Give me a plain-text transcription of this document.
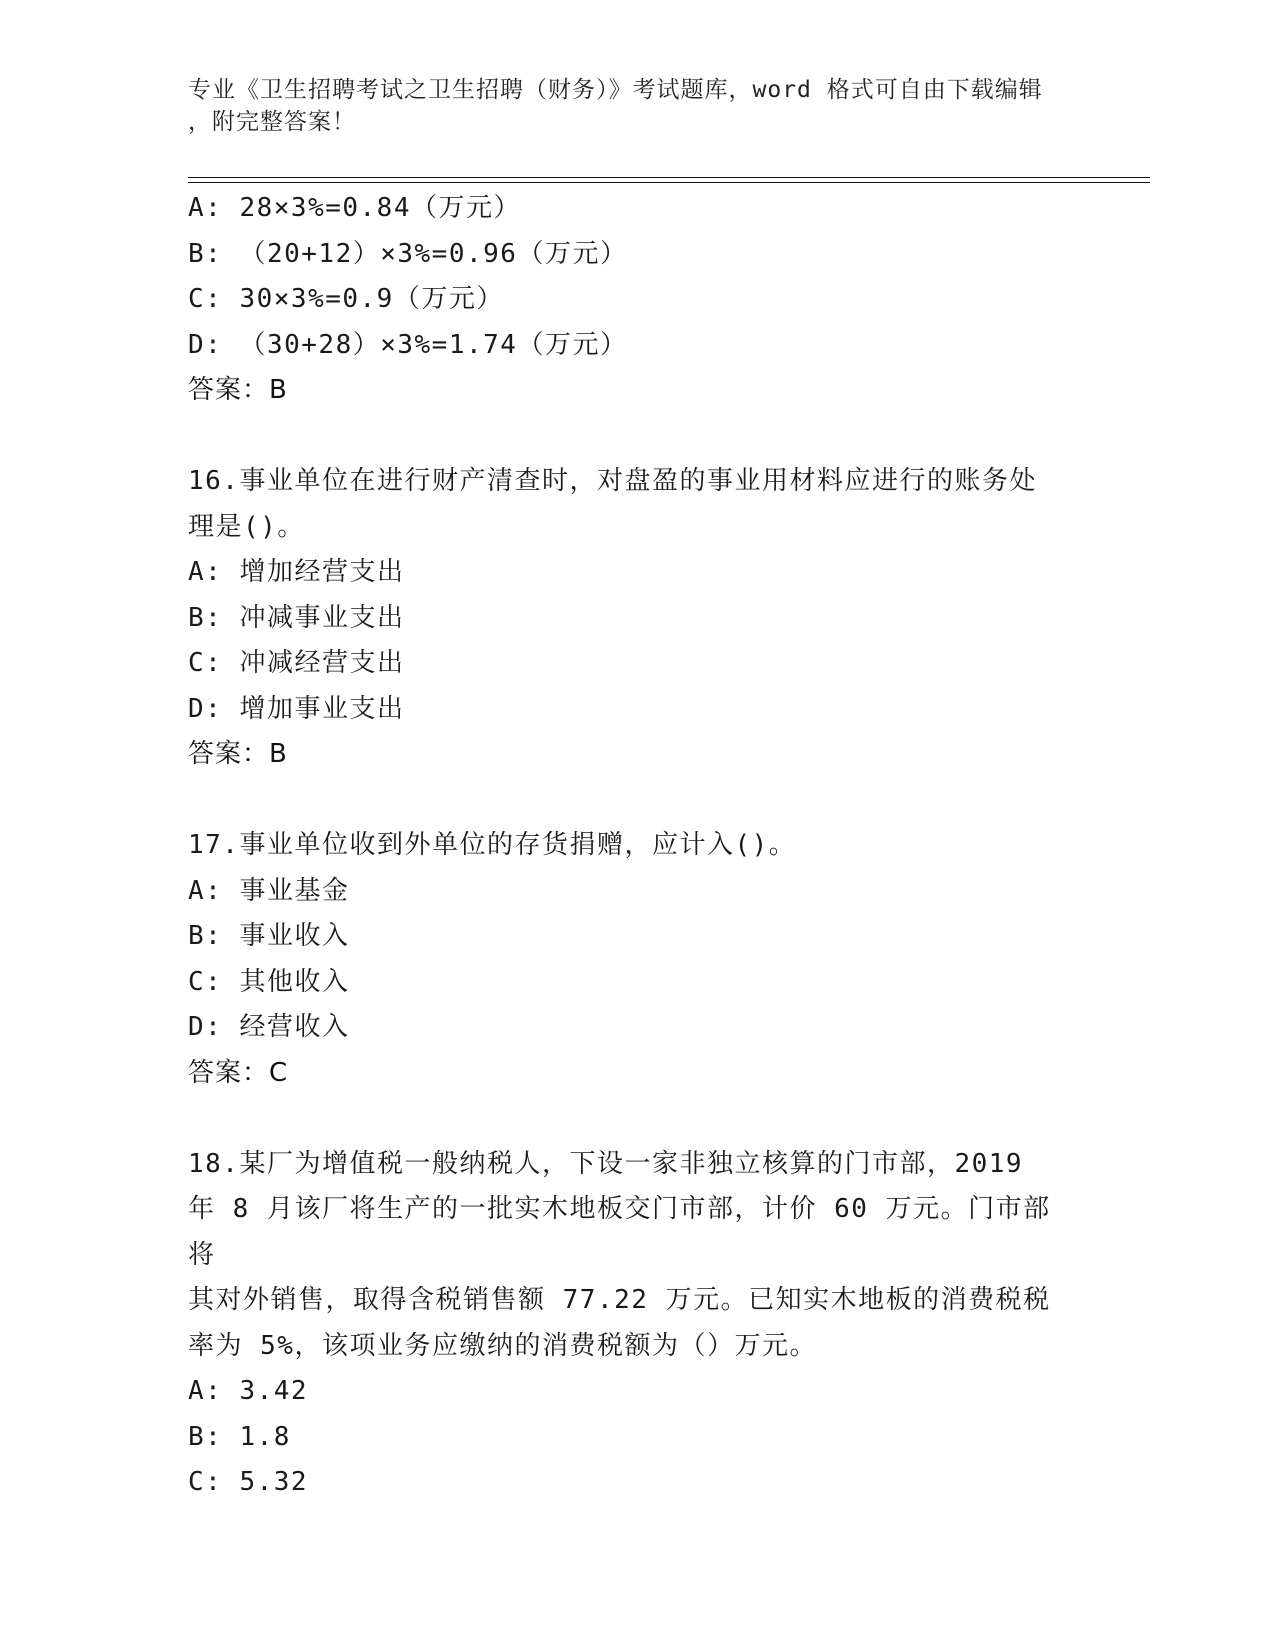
专业《卫生招聘考试之卫生招聘（财务）》考试题库，word 格式可自由下载编辑
，附完整答案！
A: 28×3%=0.84（万元）
B: （20+12）×3%=0.96（万元）
C: 30×3%=0.9（万元）
D: （30+28）×3%=1.74（万元）
答案：B
16.事业单位在进行财产清查时，对盘盈的事业用材料应进行的账务处
理是()。
A: 增加经营支出
B: 冲减事业支出
C: 冲减经营支出
D: 增加事业支出
答案：B
17.事业单位收到外单位的存货捐赠，应计入()。
A: 事业基金
B: 事业收入
C: 其他收入
D: 经营收入
答案：C
18.某厂为增值税一般纳税人，下设一家非独立核算的门市部，2019
年 8 月该厂将生产的一批实木地板交门市部，计价 60 万元。门市部将
其对外销售，取得含税销售额 77.22 万元。已知实木地板的消费税税
率为 5%，该项业务应缴纳的消费税额为（）万元。
A: 3.42
B: 1.8
C: 5.32
